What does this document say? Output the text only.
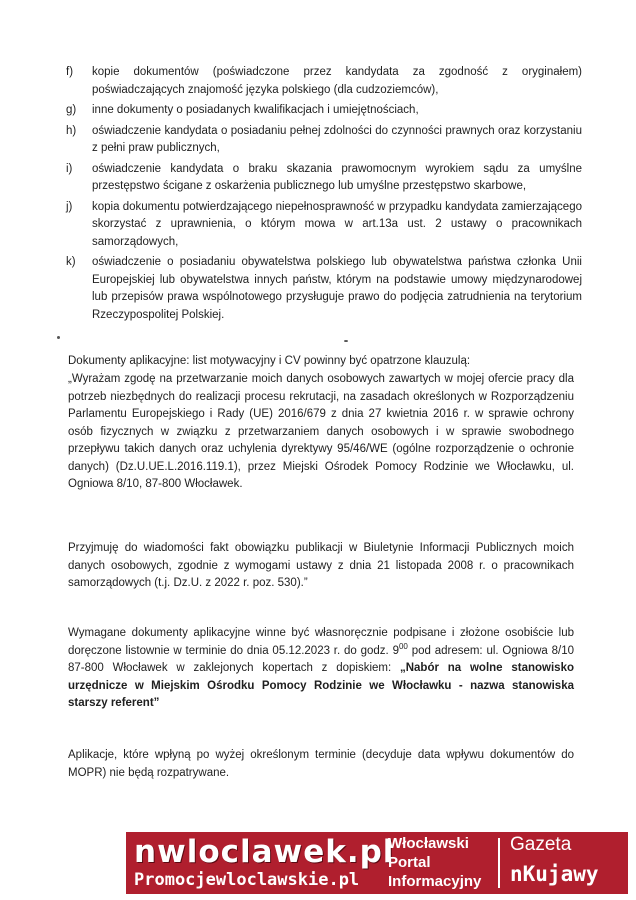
f)	kopie dokumentów (poświadczone przez kandydata za zgodność z oryginałem) poświadczających znajomość języka polskiego (dla cudzoziemców),
g)	inne dokumenty o posiadanych kwalifikacjach i umiejętnościach,
h)	oświadczenie kandydata o posiadaniu pełnej zdolności do czynności prawnych oraz korzystaniu z pełni praw publicznych,
i)	oświadczenie kandydata o braku skazania prawomocnym wyrokiem sądu za umyślne przestępstwo ścigane z oskarżenia publicznego lub umyślne przestępstwo skarbowe,
j)	kopia dokumentu potwierdzającego niepełnosprawność w przypadku kandydata zamierzającego skorzystać z uprawnienia, o którym mowa w art.13a ust. 2 ustawy o pracownikach samorządowych,
k)	oświadczenie o posiadaniu obywatelstwa polskiego lub obywatelstwa państwa członka Unii Europejskiej lub obywatelstwa innych państw, którym na podstawie umowy międzynarodowej lub przepisów prawa wspólnotowego przysługuje prawo do podjęcia zatrudnienia na terytorium Rzeczypospolitej Polskiej.
Dokumenty aplikacyjne: list motywacyjny i CV powinny być opatrzone klauzulą:
„Wyrażam zgodę na przetwarzanie moich danych osobowych zawartych w mojej ofercie pracy dla potrzeb niezbędnych do realizacji procesu rekrutacji, na zasadach określonych w Rozporządzeniu Parlamentu Europejskiego i Rady (UE) 2016/679 z dnia 27 kwietnia 2016 r. w sprawie ochrony osób fizycznych w związku z przetwarzaniem danych osobowych i w sprawie swobodnego przepływu takich danych oraz uchylenia dyrektywy 95/46/WE (ogólne rozporządzenie o ochronie danych) (Dz.U.UE.L.2016.119.1), przez Miejski Ośrodek Pomocy Rodzinie we Włocławku, ul. Ogniowa 8/10, 87-800 Włocławek.
Przyjmuję do wiadomości fakt obowiązku publikacji w Biuletynie Informacji Publicznych moich danych osobowych, zgodnie z wymogami ustawy z dnia 21 listopada 2008 r. o pracownikach samorządowych (t.j. Dz.U. z 2022 r. poz. 530).”
Wymagane dokumenty aplikacyjne winne być własnoręcznie podpisane i złożone osobiście lub doręczone listownie w terminie do dnia 05.12.2023 r. do godz. $9^{00}$ pod adresem: ul. Ogniowa 8/10 87-800 Włocławek w zaklejonych kopertach z dopiskiem: „Nabór na wolne stanowisko urzędnicze w Miejskim Ośrodku Pomocy Rodzinie we Włocławku - nazwa stanowiska starszy referent”
Aplikacje, które wpłyną po wyżej określonym terminie (decyduje data wpływu dokumentów do MOPR) nie będą rozpatrywane.
nwloclawek.pl
Promocjewloclawskie.pl
Włocławski
Portal
Informacyjny
Gazeta
nKujawy
